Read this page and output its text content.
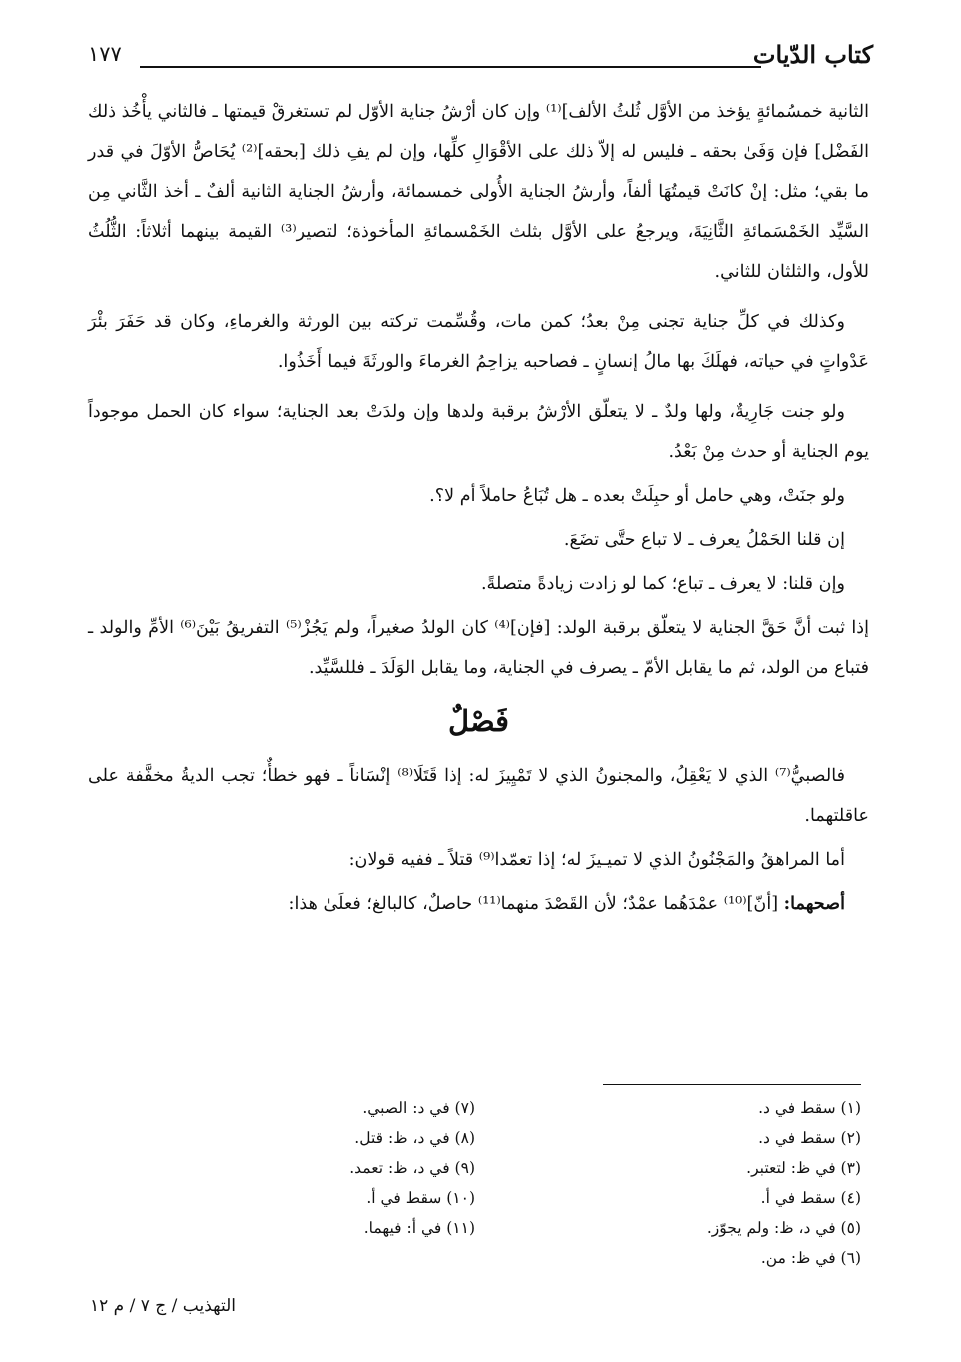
كتاب الدّيات
١٧٧

الثانية خمسُمائةٍ يؤخذ من الأوَّل ثُلثُ الألف]⁽¹⁾ وإن كان أرْشُ جناية الأوّل لم تستغرقْ قيمتها ـ فالثاني يأْخُذ ذلك الفَضْل] فإن وَفَىٰ بحقه ـ فليس له إلاّ ذلك على الأقْوَالِ كلِّها، وإن لم يفِ ذلك [بحقه]⁽²⁾ يُحَاصُّ الأوّلَ في قدر ما بقي؛ مثل: إنْ كانَتْ قيمتُهَا ألفاً، وأرشُ الجناية الأُولى خمسمائة، وأرشُ الجناية الثانية ألفٌ ـ أخذ الثَّاني مِن السَّيِّد الخَمْسَمائةِ الثَّانِيَةَ، ويرجعُ على الأوَّل بثلث الخَمْسمائةِ المأخوذة؛ لتصير⁽³⁾ القيمة بينهما أثلاثاً: الثُّلُثُ للأول، والثلثان للثاني.

وكذلك في كلِّ جناية تجنى مِنْ بعدُ؛ كمن مات، وقُسِّمت تركته بين الورثة والغرماءِ، وكان قد حَفَرَ بئْرَ عَدْواتٍ في حياته، فهلَكَ بها مالُ إنسانٍ ـ فصاحبه يزاحِمُ الغرماءَ والورثَةَ فيما أَخَذُوا.

ولو جنت جَارِيةٌ، ولها ولدٌ ـ لا يتعلّق الأرْشُ برقبة ولدها وإن ولدَتْ بعد الجناية؛ سواء كان الحمل موجوداً يوم الجناية أو حدث مِنْ بَعْدُ.

ولو جنَتْ، وهي حامل أو حبِلَتْ بعده ـ هل تُبَاعُ حاملاً أم لا؟.

إن قلنا الحَمْلُ يعرف ـ لا تباع حتَّى تضَعَ.

وإن قلنا: لا يعرف ـ تباع؛ كما لو زادت زيادةً متصلةً.

إذا ثبت أنَّ حَقَّ الجناية لا يتعلّق برقبة الولد: [فإن]⁽⁴⁾ كان الولدُ صغيراً، ولم يَجُزْ⁽⁵⁾ التفريقُ بَيْنَ⁽⁶⁾ الأمِّ والولد ـ فتباع من الولد، ثم ما يقابل الأمّ ـ يصرف في الجناية، وما يقابل الوَلَدَ ـ فللسَّيِّد.

فَصْلٌ

فالصبيُّ⁽⁷⁾ الذي لا يَعْقِلُ، والمجنونُ الذي لا تَمْيِيزَ له: إذا قَتَلَا⁽⁸⁾ إنْسَاناً ـ فهو خطأٌ؛ تجب الديةُ مخفَّفة على عاقلتهما.

أما المراهقُ والمَجْنُونُ الذي لا تميـيزَ له؛ إذا تعمّدا⁽⁹⁾ قتلاً ـ ففيه قولان:

أصحهما: [أنّ]⁽¹⁰⁾ عمْدَهُما عمْدٌ؛ لأن القَصْدَ منهما⁽¹¹⁾ حاصلٌ، كالبالغ؛ فعلَىٰ هذا:

(١) سقط في د.
(٢) سقط في د.
(٣) في ظ: لتعتبر.
(٤) سقط في أ.
(٥) في د، ظ: ولم يجوّز.
(٦) في ظ: من.
(٧) في د: الصبي.
(٨) في د، ظ: قتل.
(٩) في د، ظ: تعمد.
(١٠) سقط في أ.
(١١) في أ: فيهما.
التهذيب / ج ٧ / م ١٢
